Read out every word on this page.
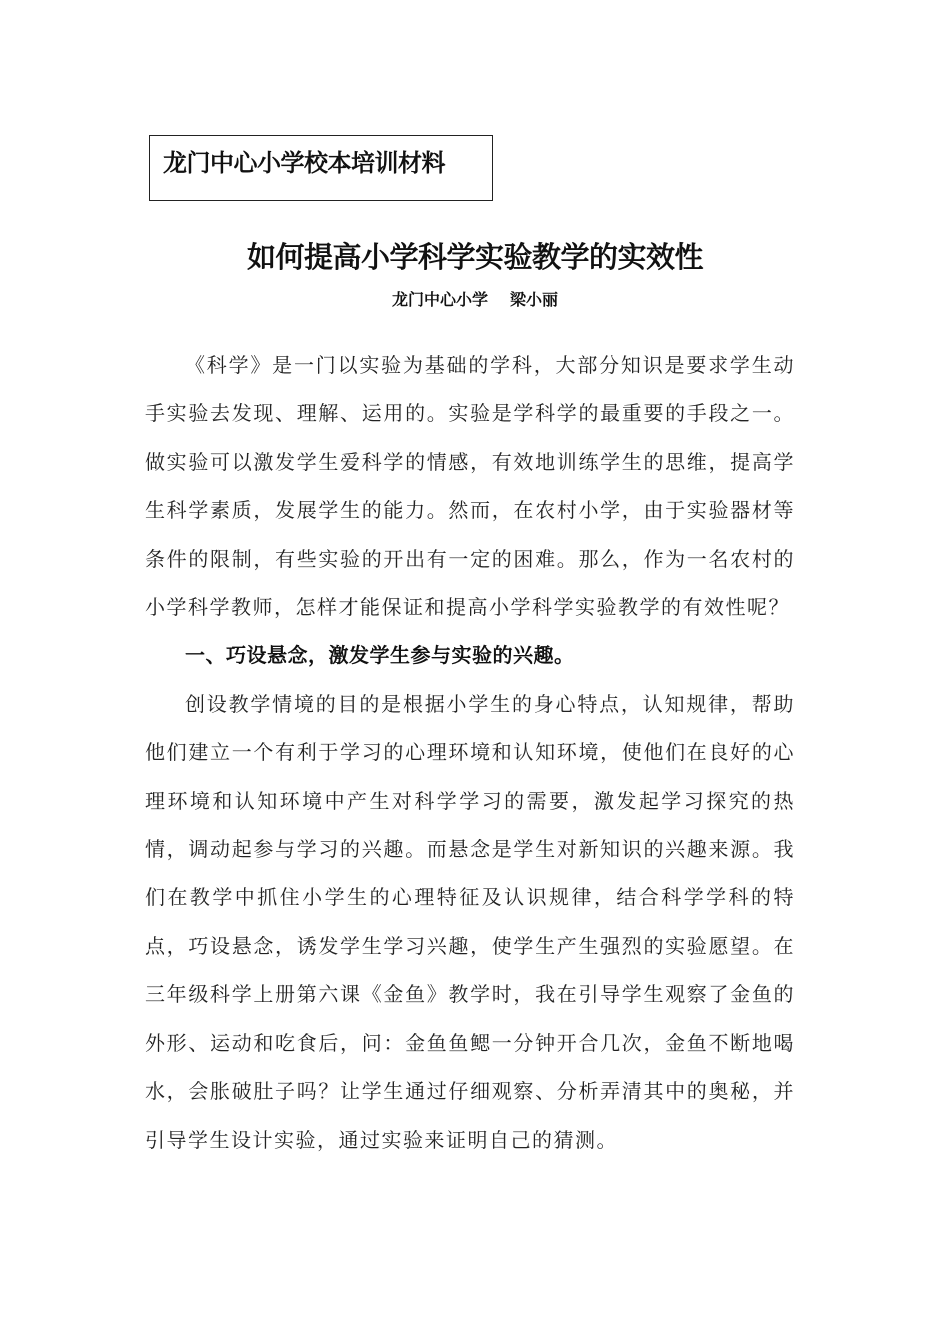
龙门中心小学校本培训材料
如何提高小学科学实验教学的实效性
龙门中心小学 梁小丽

《科学》是一门以实验为基础的学科，大部分知识是要求学生动手实验去发现、理解、运用的。实验是学科学的最重要的手段之一。做实验可以激发学生爱科学的情感，有效地训练学生的思维，提高学生科学素质，发展学生的能力。然而，在农村小学，由于实验器材等条件的限制，有些实验的开出有一定的困难。那么，作为一名农村的小学科学教师，怎样才能保证和提高小学科学实验教学的有效性呢？

一、巧设悬念，激发学生参与实验的兴趣。

创设教学情境的目的是根据小学生的身心特点，认知规律，帮助他们建立一个有利于学习的心理环境和认知环境，使他们在良好的心理环境和认知环境中产生对科学学习的需要，激发起学习探究的热情，调动起参与学习的兴趣。而悬念是学生对新知识的兴趣来源。我们在教学中抓住小学生的心理特征及认识规律，结合科学学科的特点，巧设悬念，诱发学生学习兴趣，使学生产生强烈的实验愿望。在三年级科学上册第六课《金鱼》教学时，我在引导学生观察了金鱼的外形、运动和吃食后，问：金鱼鱼鳃一分钟开合几次，金鱼不断地喝水，会胀破肚子吗？让学生通过仔细观察、分析弄清其中的奥秘，并引导学生设计实验，通过实验来证明自己的猜测。
